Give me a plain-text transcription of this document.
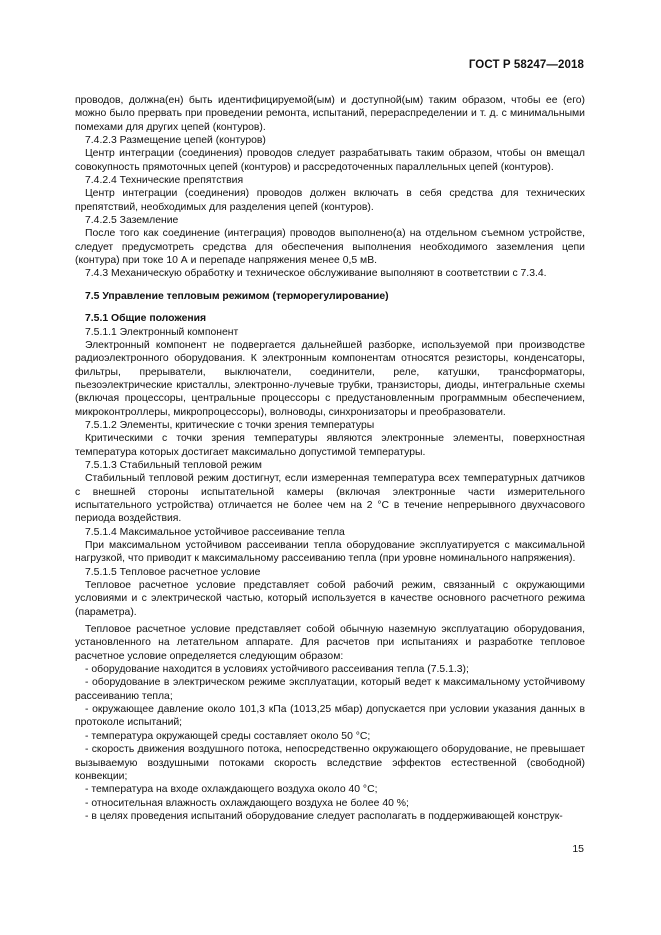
ГОСТ Р 58247—2018

проводов, должна(ен) быть идентифицируемой(ым) и доступной(ым) таким образом, чтобы ее (его) можно было прервать при проведении ремонта, испытаний, перераспределении и т. д. с минимальными помехами для других цепей (контуров).

7.4.2.3 Размещение цепей (контуров)

Центр интеграции (соединения) проводов следует разрабатывать таким образом, чтобы он вмещал совокупность прямоточных цепей (контуров) и рассредоточенных параллельных цепей (контуров).

7.4.2.4 Технические препятствия

Центр интеграции (соединения) проводов должен включать в себя средства для технических препятствий, необходимых для разделения цепей (контуров).

7.4.2.5 Заземление

После того как соединение (интеграция) проводов выполнено(а) на отдельном съемном устройстве, следует предусмотреть средства для обеспечения выполнения необходимого заземления цепи (контура) при токе 10 А и перепаде напряжения менее 0,5 мВ.

7.4.3 Механическую обработку и техническое обслуживание выполняют в соответствии с 7.3.4.

7.5 Управление тепловым режимом (терморегулирование)

7.5.1 Общие положения

7.5.1.1 Электронный компонент

Электронный компонент не подвергается дальнейшей разборке, используемой при производстве радиоэлектронного оборудования. К электронным компонентам относятся резисторы, конденсаторы, фильтры, прерыватели, выключатели, соединители, реле, катушки, трансформаторы, пьезоэлектрические кристаллы, электронно-лучевые трубки, транзисторы, диоды, интегральные схемы (включая процессоры, центральные процессоры с предустановленным программным обеспечением, микроконтроллеры, микропроцессоры), волноводы, синхронизаторы и преобразователи.

7.5.1.2 Элементы, критические с точки зрения температуры

Критическими с точки зрения температуры являются электронные элементы, поверхностная температура которых достигает максимально допустимой температуры.

7.5.1.3 Стабильный тепловой режим

Стабильный тепловой режим достигнут, если измеренная температура всех температурных датчиков с внешней стороны испытательной камеры (включая электронные части измерительного испытательного устройства) отличается не более чем на 2 °С в течение непрерывного двухчасового периода воздействия.

7.5.1.4 Максимальное устойчивое рассеивание тепла

При максимальном устойчивом рассеивании тепла оборудование эксплуатируется с максимальной нагрузкой, что приводит к максимальному рассеиванию тепла (при уровне номинального напряжения).

7.5.1.5 Тепловое расчетное условие

Тепловое расчетное условие представляет собой рабочий режим, связанный с окружающими условиями и с электрической частью, который используется в качестве основного расчетного режима (параметра).

Тепловое расчетное условие представляет собой обычную наземную эксплуатацию оборудования, установленного на летательном аппарате. Для расчетов при испытаниях и разработке тепловое расчетное условие определяется следующим образом:

- оборудование находится в условиях устойчивого рассеивания тепла (7.5.1.3);

- оборудование в электрическом режиме эксплуатации, который ведет к максимальному устойчивому рассеиванию тепла;

- окружающее давление около 101,3 кПа (1013,25 мбар) допускается при условии указания данных в протоколе испытаний;

- температура окружающей среды составляет около 50 °С;

- скорость движения воздушного потока, непосредственно окружающего оборудование, не превышает вызываемую воздушными потоками скорость вследствие эффектов естественной (свободной) конвекции;

- температура на входе охлаждающего воздуха около 40 °С;

- относительная влажность охлаждающего воздуха не более 40 %;

- в целях проведения испытаний оборудование следует располагать в поддерживающей конструк-

15
